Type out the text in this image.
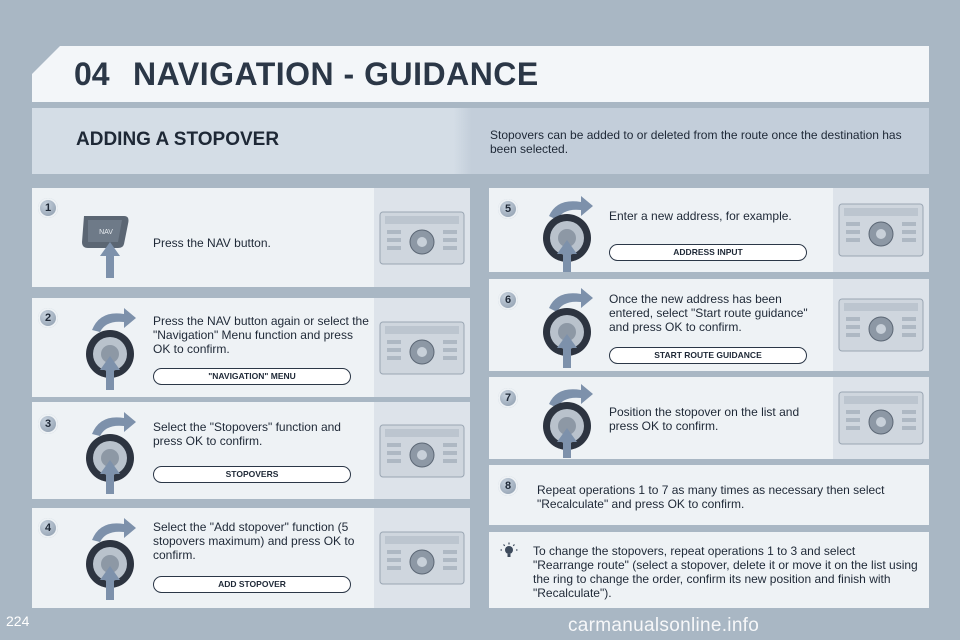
04 NAVIGATION - GUIDANCE
ADDING A STOPOVER	Stopovers can be added to or deleted from the route once the destination has been selected.
1
NAV
Press the NAV button.
2	Press the NAV button again or select the "Navigation" Menu function and press OK to confirm.
"NAVIGATION" MENU
3	Select the "Stopovers" function and press OK to confirm.
STOPOVERS
4	Select the "Add stopover" function (5 stopovers maximum) and press OK to confirm.
ADD STOPOVER
5	Enter a new address, for example.
ADDRESS INPUT
6	Once the new address has been entered, select "Start route guidance" and press OK to confirm.
START ROUTE GUIDANCE
7
Position the stopover on the list and press OK to confirm.
8	Repeat operations 1 to 7 as many times as necessary then select "Recalculate" and press OK to confirm.
To change the stopovers, repeat operations 1 to 3 and select "Rearrange route" (select a stopover, delete it or move it on the list using the ring to change the order, confirm its new position and finish with "Recalculate").
224	carmanualsonline.info
